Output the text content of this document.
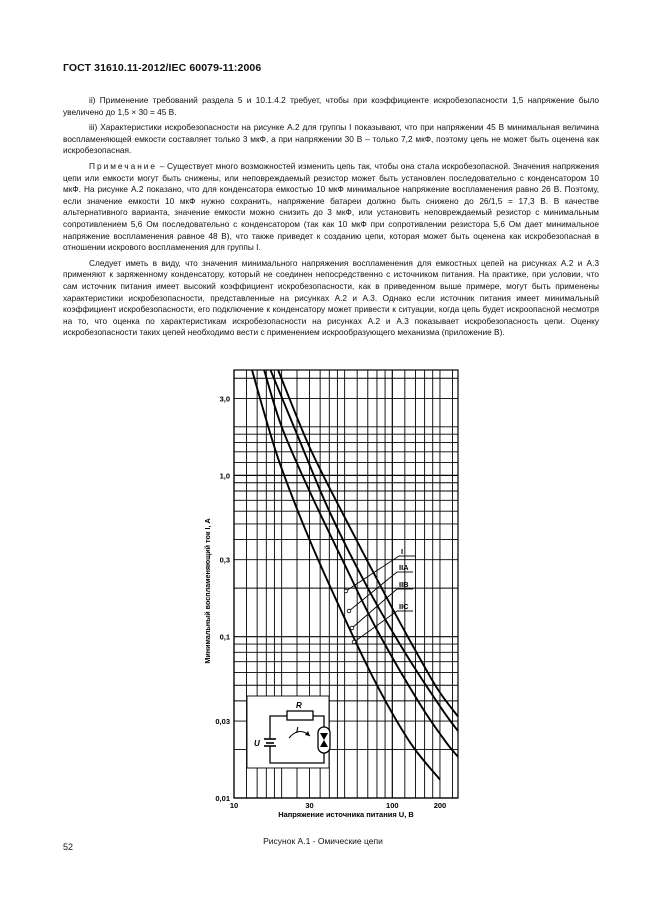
ГОСТ 31610.11-2012/IEC 60079-11:2006

ii) Применение требований раздела 5 и 10.1.4.2 требует, чтобы при коэффициенте искробезопасности 1,5 напряжение было увеличено до 1,5 × 30 = 45 В.

iii) Характеристики искробезопасности на рисунке А.2 для группы I показывают, что при напряжении 45 В минимальная величина воспламеняющей емкости составляет только 3 мкФ, а при напряжении 30 В – только 7,2 мкФ, поэтому цепь не может быть оценена как искробезопасная.

Примечание – Существует много возможностей изменить цепь так, чтобы она стала искробезопасной. Значения напряжения цепи или емкости могут быть снижены, или неповреждаемый резистор может быть установлен последовательно с конденсатором 10 мкФ. На рисунке А.2 показано, что для конденсатора емкостью 10 мкФ минимальное напряжение воспламенения равно 26 В. Поэтому, если значение емкости 10 мкФ нужно сохранить, напряжение батареи должно быть снижено до 26/1,5 = 17,3 В. В качестве альтернативного варианта, значение емкости можно снизить до 3 мкФ, или установить неповреждаемый резистор с минимальным сопротивлением 5,6 Ом последовательно с конденсатором (так как 10 мкФ при сопротивлении резистора 5,6 Ом дает минимальное напряжение воспламенения равное 48 В), что также приведет к созданию цепи, которая может быть оценена как искробезопасная в отношении искрового воспламенения для группы I.

Следует иметь в виду, что значения минимального напряжения воспламенения для емкостных цепей на рисунках А.2 и А.3 применяют к заряженному конденсатору, который не соединен непосредственно с источником питания. На практике, при условии, что сам источник питания имеет высокий коэффициент искробезопасности, как в приведенном выше примере, могут быть применены характеристики искробезопасности, представленные на рисунках А.2 и А.3. Однако если источник питания имеет минимальный коэффициент искробезопасности, его подключение к конденсатору может привести к ситуации, когда цепь будет искроопасной несмотря на то, что оценка по характеристикам искробезопасности на рисунках А.2 и А.3 показывает искробезопасность цепи. Оценку искробезопасности таких цепей необходимо вести с применением искрообразующего механизма (приложение В).

3,0
1,0
0,3
0,1
0,03
0,01
10	30	100	200
I
IIA
IIB
IIC
R
I
U
Минимальный воспламеняющий ток I, А
Напряжение источника питания U, В
Рисунок А.1 - Омические цепи
52
